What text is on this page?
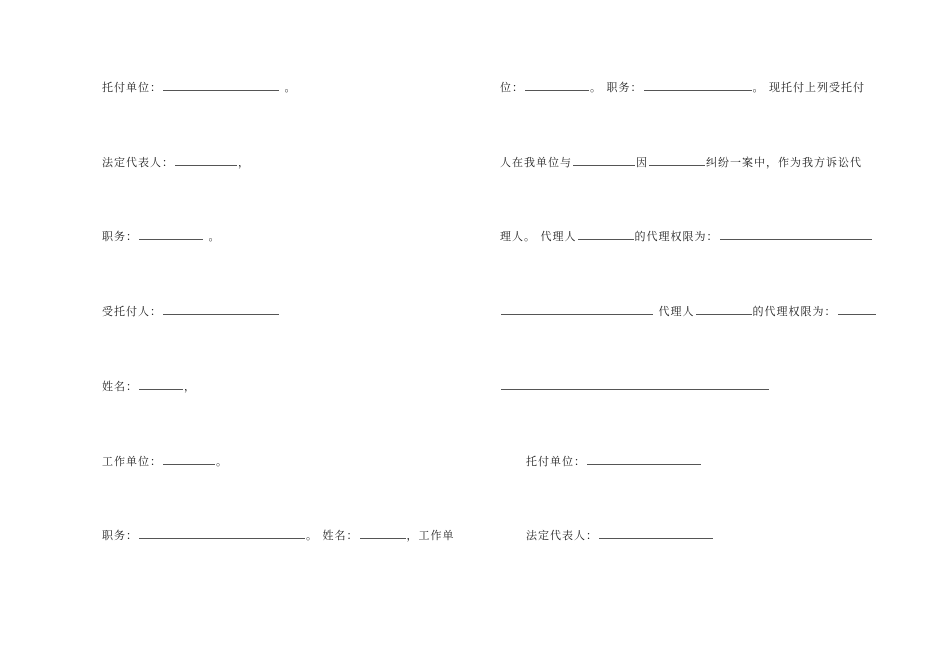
托付单位：	。
法定代表人：	，
职务：	。
受托付人：
姓名：	，
工作单位：	。
职务：	。 姓名：	，工作单
位：	。 职务：	。 现托付上列受托付
人在我单位与	因	纠纷一案中，作为我方诉讼代
理人。 代理人	的代理权限为：
代理人	的代理权限为：
托付单位：
法定代表人：
